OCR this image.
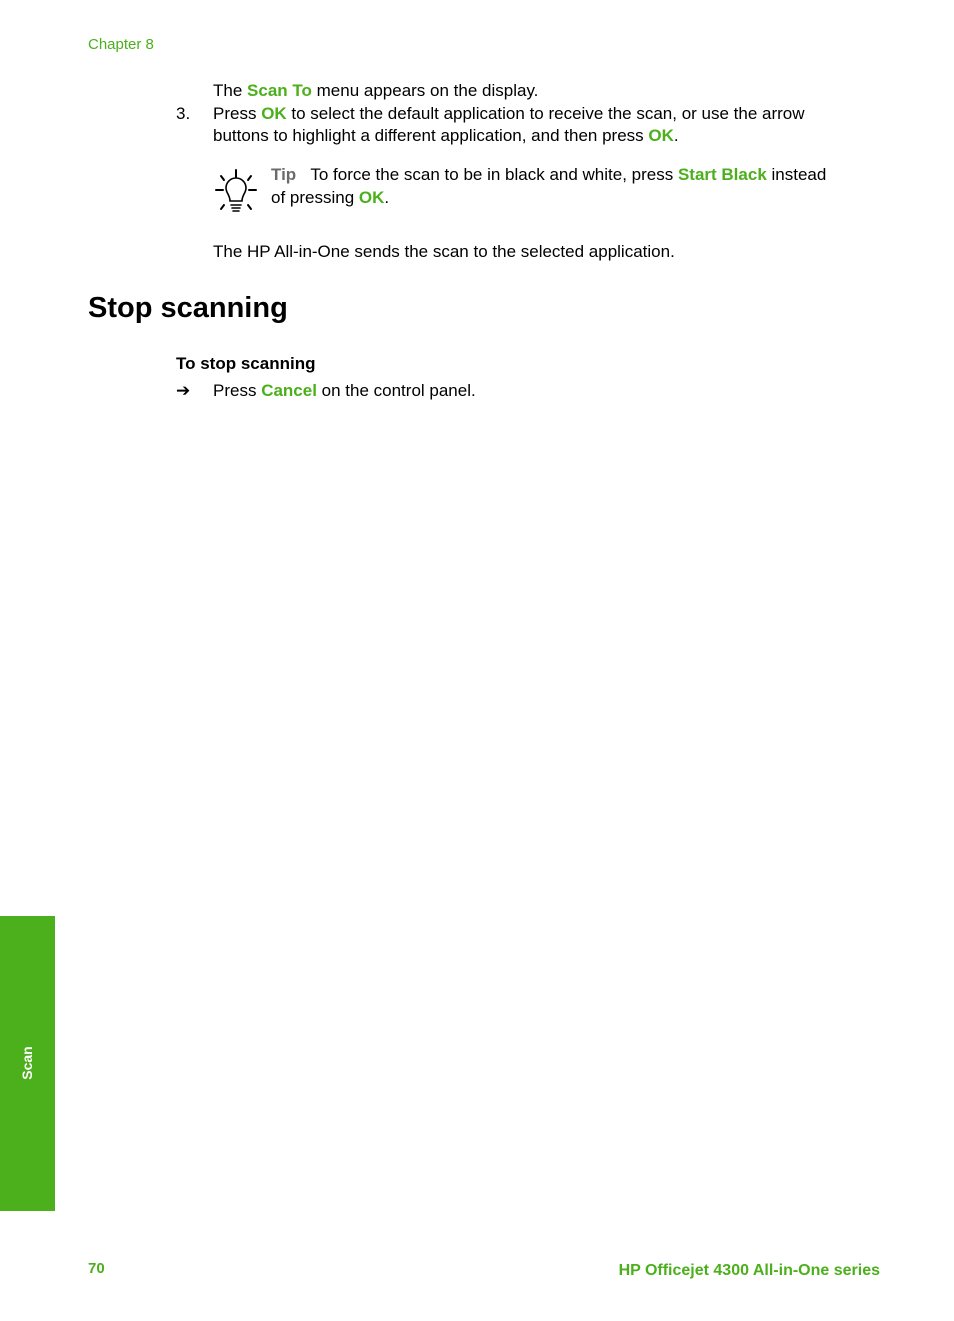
Chapter 8
The Scan To menu appears on the display.
3. Press OK to select the default application to receive the scan, or use the arrow
buttons to highlight a different application, and then press OK.
Tip To force the scan to be in black and white, press Start Black instead
of pressing OK.
The HP All-in-One sends the scan to the selected application.
Stop scanning
To stop scanning
➔ Press Cancel on the control panel.
Scan
70	HP Officejet 4300 All-in-One series
